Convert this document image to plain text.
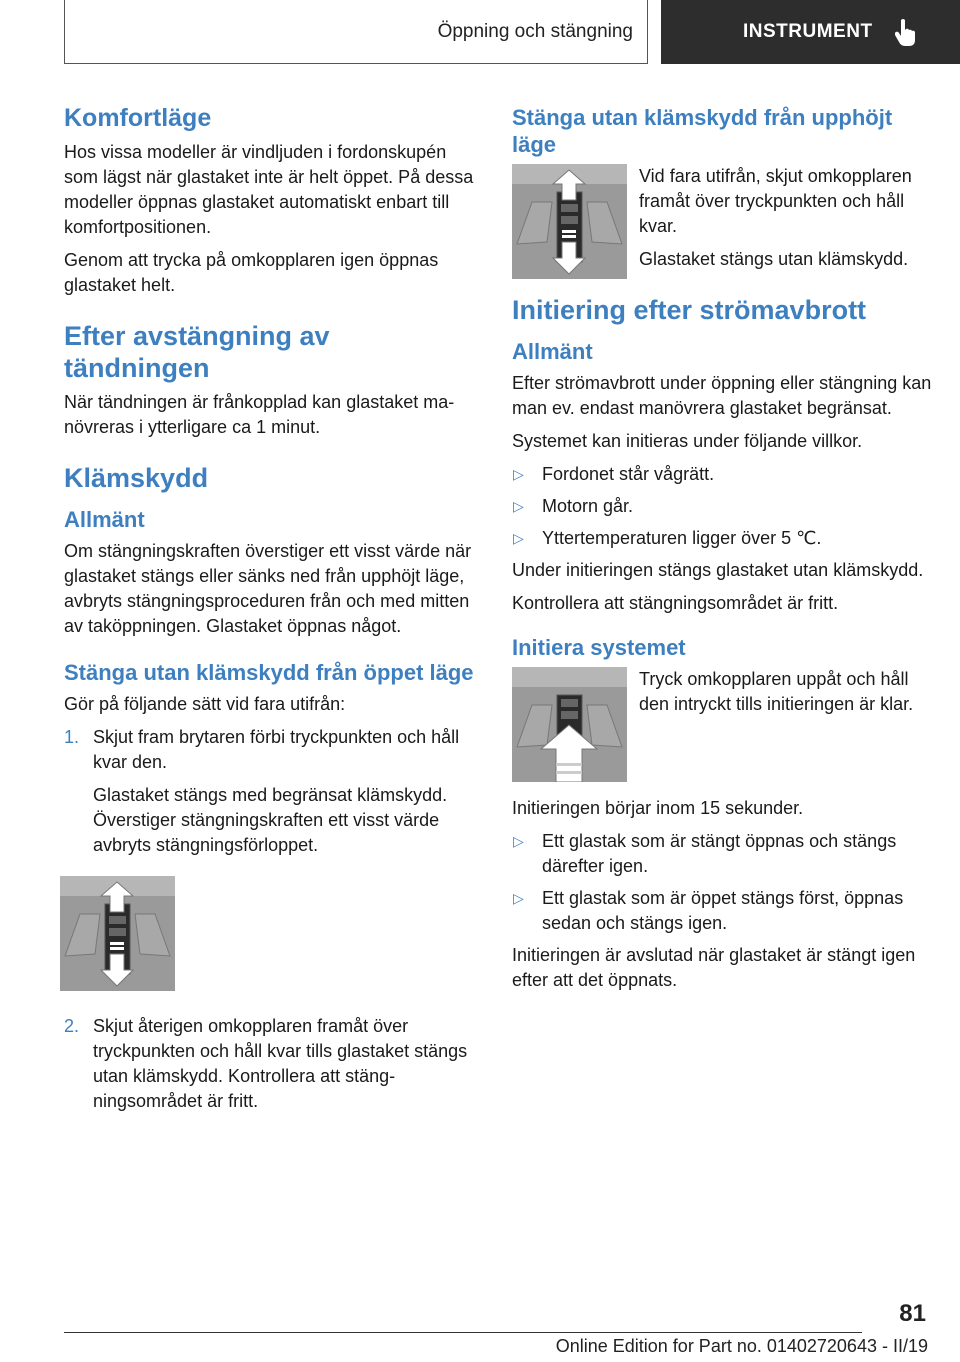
Öppning och stängning	INSTRUMENT
Komfortläge

Hos vissa modeller är vindljuden i fordonskupén som lägst när glastaket inte är helt öppet. På dessa modeller öppnas glastaket automatiskt enbart till komfortpositionen.

Genom att trycka på omkopplaren igen öppnas glastaket helt.

Efter avstängning av tändningen

När tändningen är frånkopplad kan glastaket manövreras i ytterligare ca 1 minut.

Klämskydd
Allmänt

Om stängningskraften överstiger ett visst värde när glastaket stängs eller sänks ned från upphöjt läge, avbryts stängningsproceduren från och med mitten av taköppningen. Glastaket öppnas något.

Stänga utan klämskydd från öppet läge

Gör på följande sätt vid fara utifrån:

1. Skjut fram brytaren förbi tryckpunkten och håll kvar den.

Glastaket stängs med begränsat klämskydd. Överstiger stängningskraften ett visst värde avbryts stängningsförloppet.

2. Skjut återigen omkopplaren framåt över tryckpunkten och håll kvar tills glastaket stängs utan klämskydd. Kontrollera att stängningsområdet är fritt.

Stänga utan klämskydd från upphöjt läge

Vid fara utifrån, skjut omkopplaren framåt över tryckpunkten och håll kvar.

Glastaket stängs utan klämskydd.

Initiering efter strömavbrott
Allmänt

Efter strömavbrott under öppning eller stängning kan man ev. endast manövrera glastaket begränsat.

Systemet kan initieras under följande villkor.

▷	Fordonet står vågrätt.
▷	Motorn går.
▷	Yttertemperaturen ligger över 5 ℃.

Under initieringen stängs glastaket utan klämskydd.

Kontrollera att stängningsområdet är fritt.

Initiera systemet

Tryck omkopplaren uppåt och håll den intryckt tills initieringen är klar.

Initieringen börjar inom 15 sekunder.

▷	Ett glastak som är stängt öppnas och stängs därefter igen.
▷	Ett glastak som är öppet stängs först, öppnas sedan och stängs igen.

Initieringen är avslutad när glastaket är stängt igen efter att det öppnats.

81
Online Edition for Part no. 01402720643 - II/19
